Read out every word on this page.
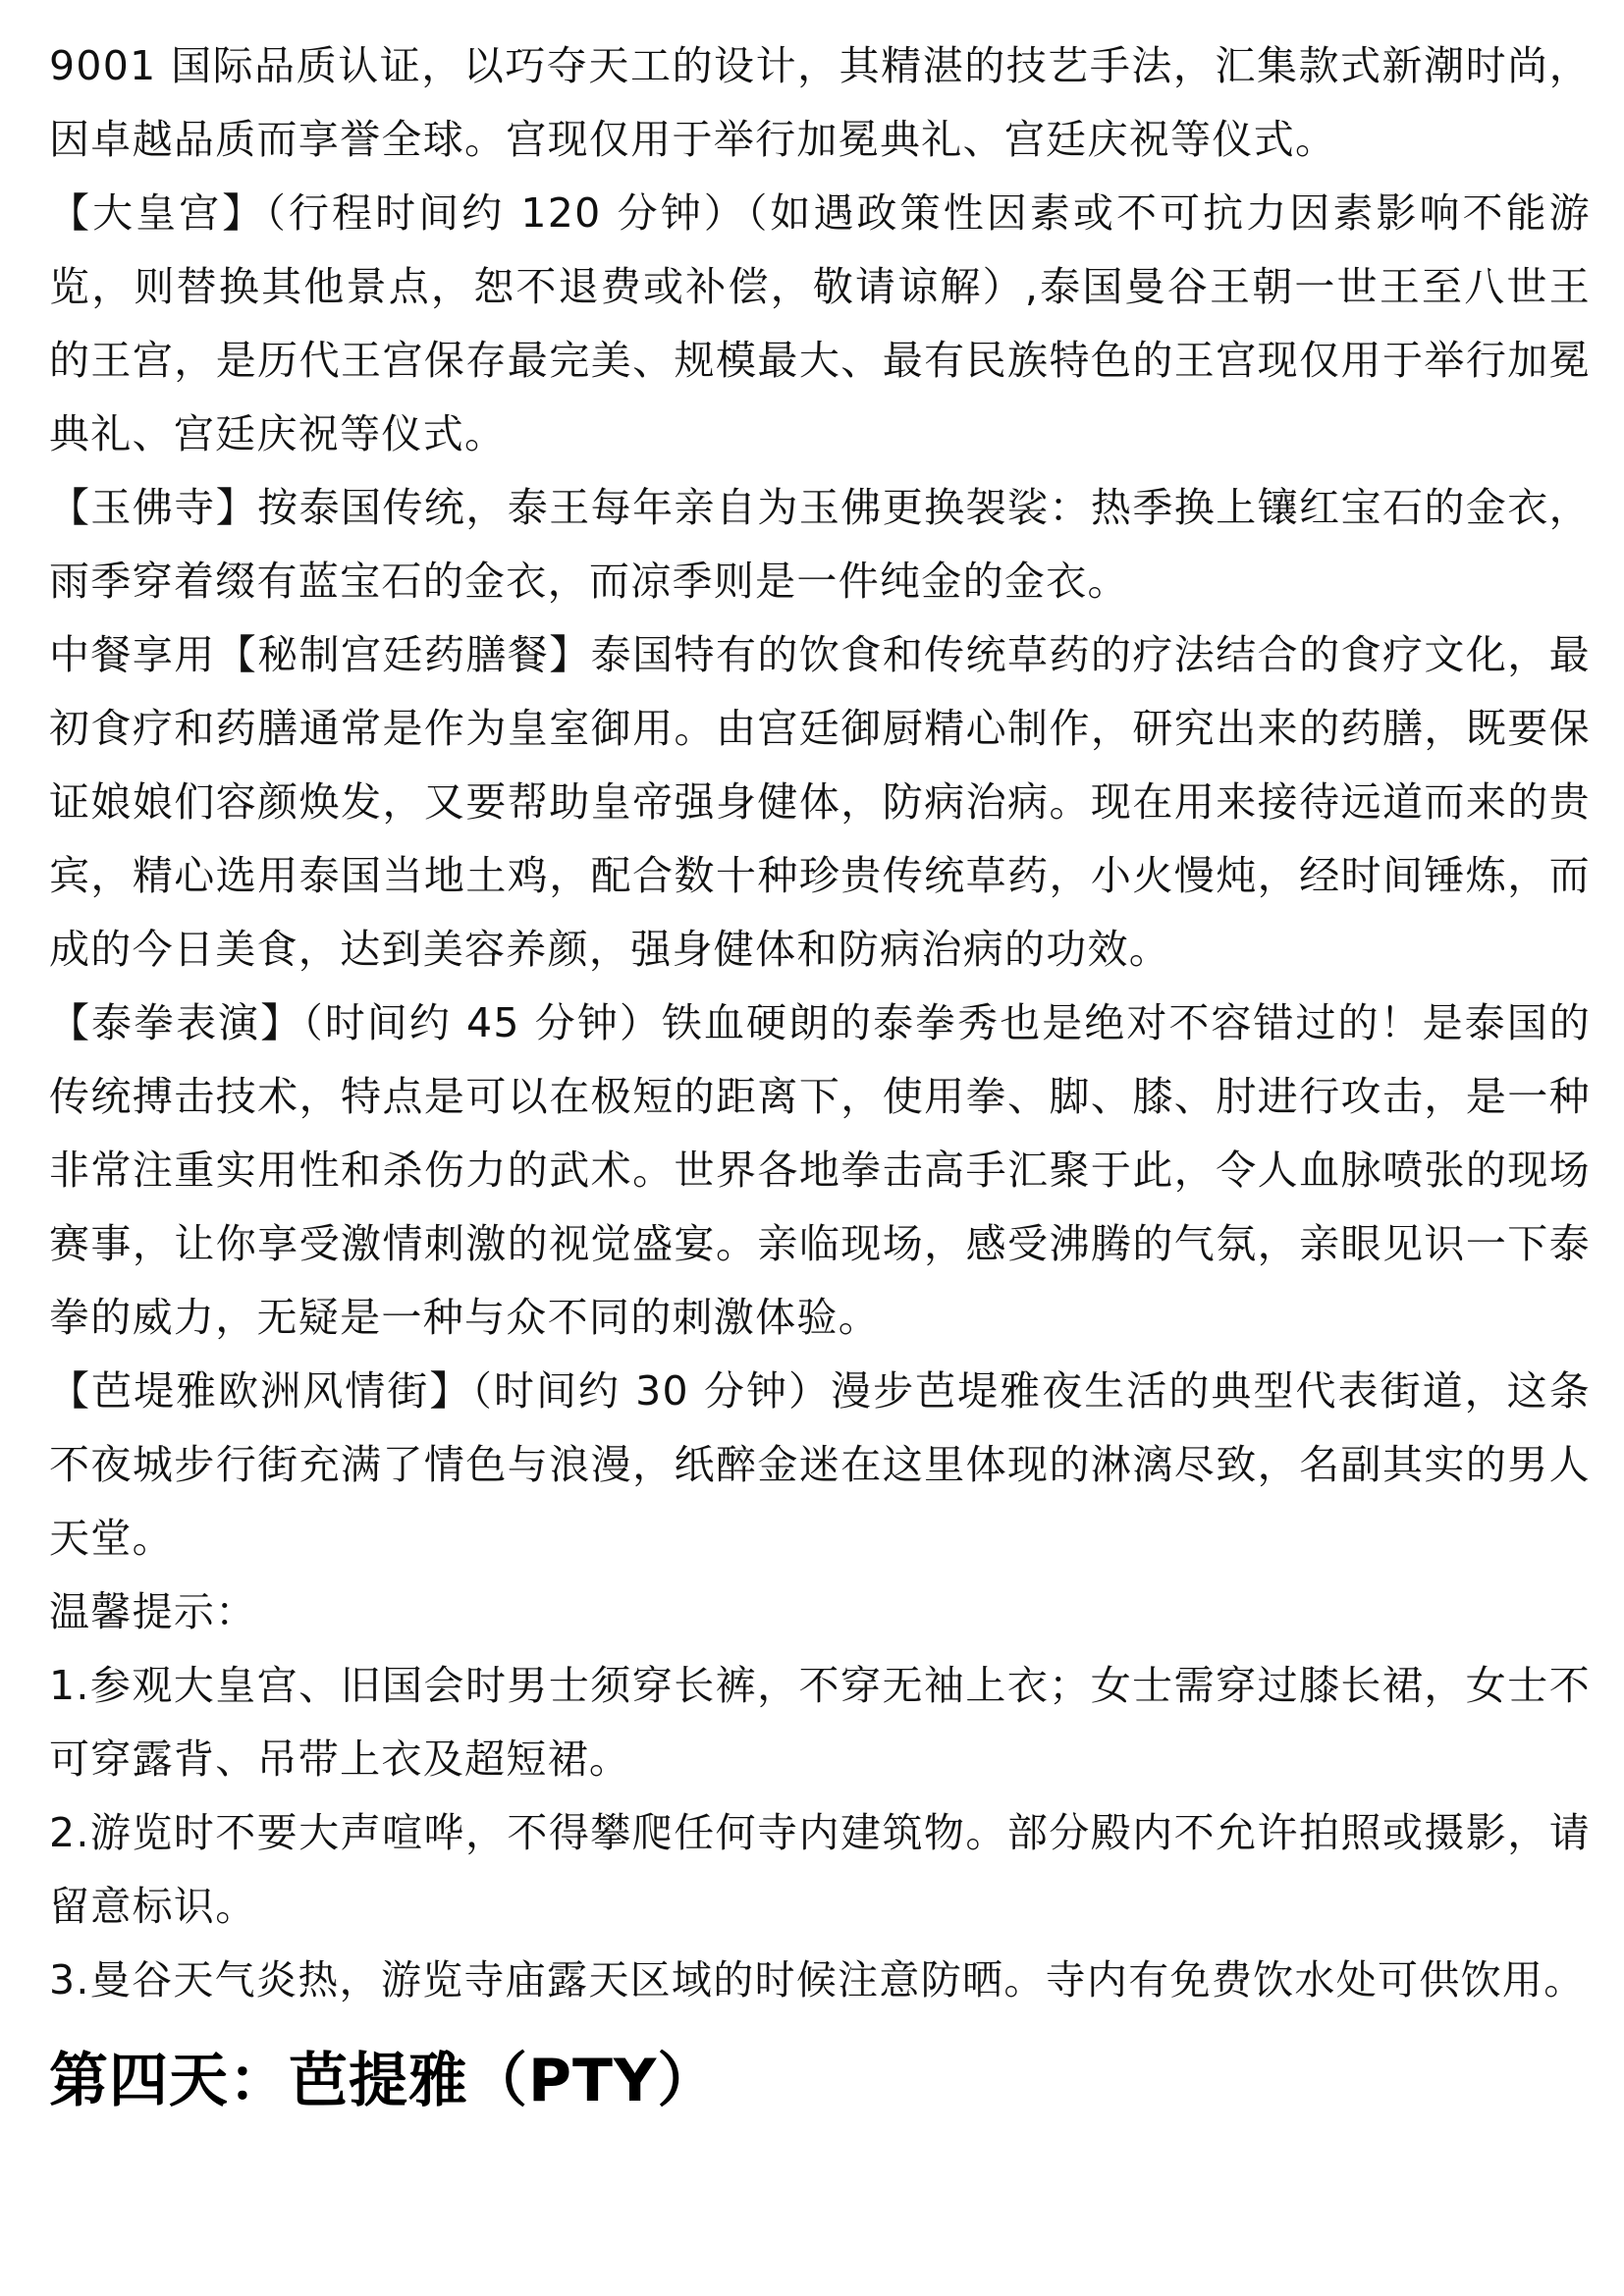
9001 国际品质认证，以巧夺天工的设计，其精湛的技艺手法，汇集款式新潮时尚，因卓越品质而享誉全球。宫现仅用于举行加冕典礼、宫廷庆祝等仪式。

【大皇宫】（行程时间约 120 分钟）（如遇政策性因素或不可抗力因素影响不能游览，则替换其他景点，恕不退费或补偿，敬请谅解）,泰国曼谷王朝一世王至八世王的王宫，是历代王宫保存最完美、规模最大、最有民族特色的王宫现仅用于举行加冕典礼、宫廷庆祝等仪式。

【玉佛寺】按泰国传统，泰王每年亲自为玉佛更换袈裟：热季换上镶红宝石的金衣，雨季穿着缀有蓝宝石的金衣，而凉季则是一件纯金的金衣。

中餐享用【秘制宫廷药膳餐】泰国特有的饮食和传统草药的疗法结合的食疗文化，最初食疗和药膳通常是作为皇室御用。由宫廷御厨精心制作，研究出来的药膳，既要保证娘娘们容颜焕发，又要帮助皇帝强身健体，防病治病。现在用来接待远道而来的贵宾，精心选用泰国当地土鸡，配合数十种珍贵传统草药，小火慢炖，经时间锤炼，而成的今日美食，达到美容养颜，强身健体和防病治病的功效。

【泰拳表演】（时间约 45 分钟）铁血硬朗的泰拳秀也是绝对不容错过的！是泰国的传统搏击技术，特点是可以在极短的距离下，使用拳、脚、膝、肘进行攻击，是一种非常注重实用性和杀伤力的武术。世界各地拳击高手汇聚于此，令人血脉喷张的现场赛事，让你享受激情刺激的视觉盛宴。亲临现场，感受沸腾的气氛，亲眼见识一下泰拳的威力，无疑是一种与众不同的刺激体验。

【芭堤雅欧洲风情街】（时间约 30 分钟）漫步芭堤雅夜生活的典型代表街道，这条不夜城步行街充满了情色与浪漫，纸醉金迷在这里体现的淋漓尽致，名副其实的男人天堂。

温馨提示：

1.参观大皇宫、旧国会时男士须穿长裤，不穿无袖上衣；女士需穿过膝长裙，女士不可穿露背、吊带上衣及超短裙。

2.游览时不要大声喧哗，不得攀爬任何寺内建筑物。部分殿内不允许拍照或摄影，请留意标识。

3.曼谷天气炎热，游览寺庙露天区域的时候注意防晒。寺内有免费饮水处可供饮用。

第四天：芭提雅（PTY）
